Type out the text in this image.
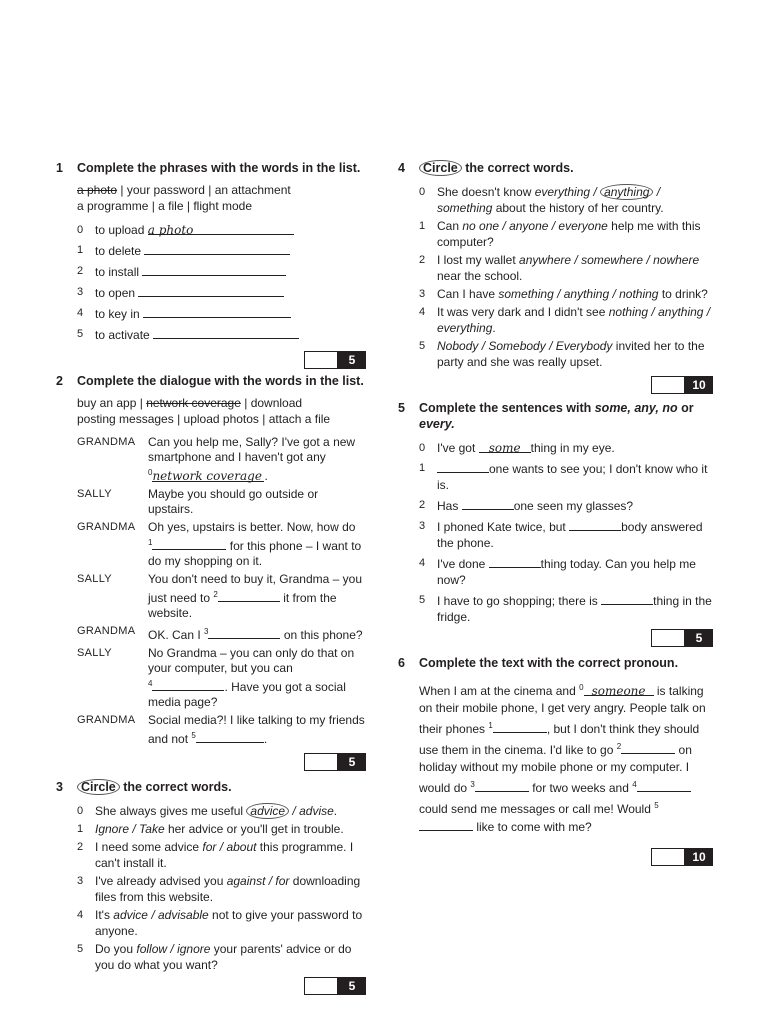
1	Complete the phrases with the words in the list.
a photo | your password | an attachment
a programme | a file | flight mode
0 to upload a photo
1 to delete
2 to install
3 to open
4 to key in
5 to activate
5
2	Complete the dialogue with the words in the list.
buy an app | network coverage | download
posting messages | upload photos | attach a file
GRANDMA	Can you help me, Sally? I've got a new smartphone and I haven't got any
$^0$network coverage .
SALLY	Maybe you should go outside or upstairs.
GRANDMA	Oh yes, upstairs is better. Now, how do
$^1$	for this phone – I want to do my shopping on it.
SALLY	You don't need to buy it, Grandma – you just need to $^2$	it from the website.
GRANDMA	OK. Can I $^3$	on this phone?
SALLY	No Grandma – you can only do that on your computer, but you can
$^4$	. Have you got a social media page?
GRANDMA	Social media?! I like talking to my friends and not $^5$	.
5
3	Circle the correct words.
0 She always gives me useful advice / advise.
1 Ignore / Take her advice or you'll get in trouble.
2 I need some advice for / about this programme. I can't install it.
3 I've already advised you against / for downloading files from this website.
4 It's advice / advisable not to give your password to anyone.
5 Do you follow / ignore your parents' advice or do you do what you want?
5
4	Circle the correct words.
0 She doesn't know everything / anything / something about the history of her country.
1 Can no one / anyone / everyone help me with this computer?
2 I lost my wallet anywhere / somewhere / nowhere near the school.
3 Can I have something / anything / nothing to drink?
4 It was very dark and I didn't see nothing / anything / everything.
5 Nobody / Somebody / Everybody invited her to the party and she was really upset.
10
5	Complete the sentences with some, any, no or every.
0 I've got some thing in my eye.
1	one wants to see you; I don't know who it is.
2 Has	one seen my glasses?
3 I phoned Kate twice, but	body answered the phone.
4 I've done	thing today. Can you help me now?
5 I have to go shopping; there is	thing in the fridge.
5
6	Complete the text with the correct pronoun.
When I am at the cinema and $^0$ someone is talking on their mobile phone, I get very angry. People talk on their phones $^1$	, but I don't think they should use them in the cinema. I'd like to go $^2$	on holiday without my mobile phone or my computer. I would do $^3$	for two weeks and $^4$ could send me messages or call me! Would $^5$ like to come with me?
10
